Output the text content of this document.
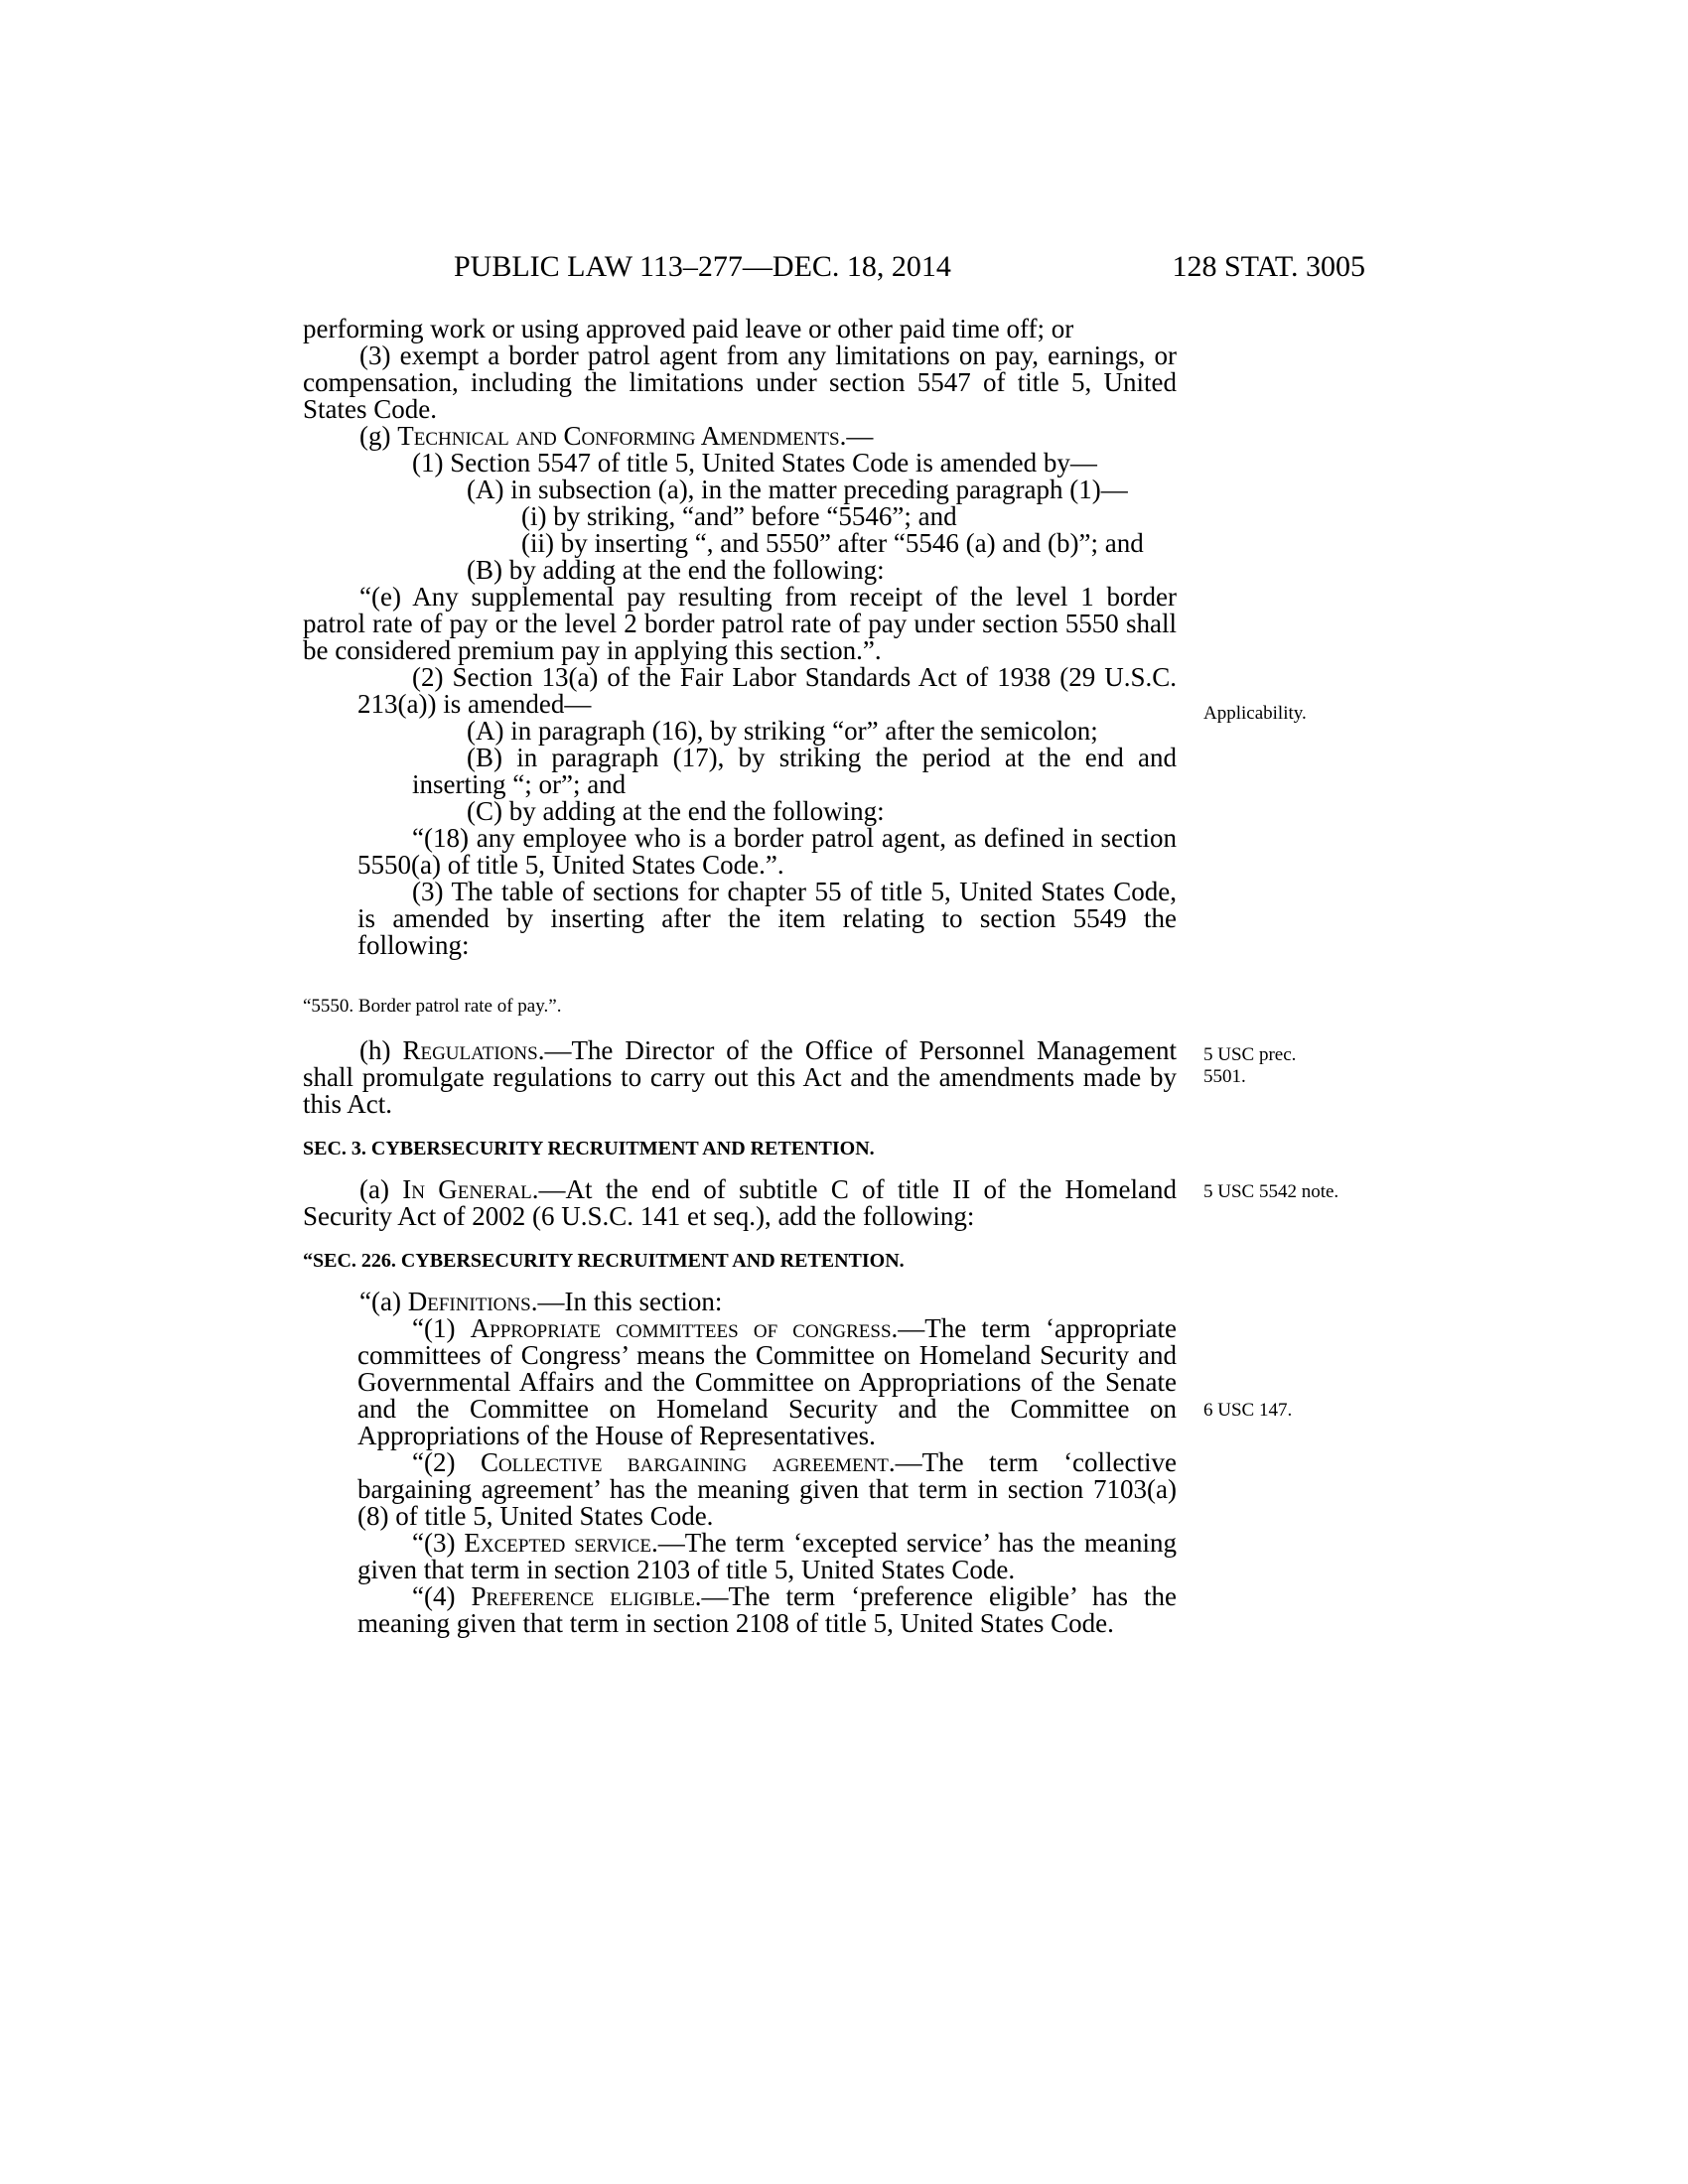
PUBLIC LAW 113–277—DEC. 18, 2014	128 STAT. 3005

performing work or using approved paid leave or other paid time off; or

(3) exempt a border patrol agent from any limitations on pay, earnings, or compensation, including the limitations under section 5547 of title 5, United States Code.

(g) Technical and Conforming Amendments.—

(1) Section 5547 of title 5, United States Code is amended by—

(A) in subsection (a), in the matter preceding paragraph (1)—

(i) by striking, “and” before “5546”; and

(ii) by inserting “, and 5550” after “5546 (a) and (b)”; and

(B) by adding at the end the following:

“(e) Any supplemental pay resulting from receipt of the level 1 border patrol rate of pay or the level 2 border patrol rate of pay under section 5550 shall be considered premium pay in applying this section.”.

(2) Section 13(a) of the Fair Labor Standards Act of 1938 (29 U.S.C. 213(a)) is amended—

(A) in paragraph (16), by striking “or” after the semicolon;

(B) in paragraph (17), by striking the period at the end and inserting “; or”; and

(C) by adding at the end the following:

“(18) any employee who is a border patrol agent, as defined in section 5550(a) of title 5, United States Code.”.

(3) The table of sections for chapter 55 of title 5, United States Code, is amended by inserting after the item relating to section 5549 the following:

“5550. Border patrol rate of pay.”.

(h) Regulations.—The Director of the Office of Personnel Management shall promulgate regulations to carry out this Act and the amendments made by this Act.

SEC. 3. CYBERSECURITY RECRUITMENT AND RETENTION.

(a) In General.—At the end of subtitle C of title II of the Homeland Security Act of 2002 (6 U.S.C. 141 et seq.), add the following:

“SEC. 226. CYBERSECURITY RECRUITMENT AND RETENTION.

“(a) Definitions.—In this section:

“(1) Appropriate committees of congress.—The term ‘appropriate committees of Congress’ means the Committee on Homeland Security and Governmental Affairs and the Committee on Appropriations of the Senate and the Committee on Homeland Security and the Committee on Appropriations of the House of Representatives.

“(2) Collective bargaining agreement.—The term ‘collective bargaining agreement’ has the meaning given that term in section 7103(a)(8) of title 5, United States Code.

“(3) Excepted service.—The term ‘excepted service’ has the meaning given that term in section 2103 of title 5, United States Code.

“(4) Preference eligible.—The term ‘preference eligible’ has the meaning given that term in section 2108 of title 5, United States Code.

Applicability.
5 USC prec. 5501.
5 USC 5542 note.
6 USC 147.
